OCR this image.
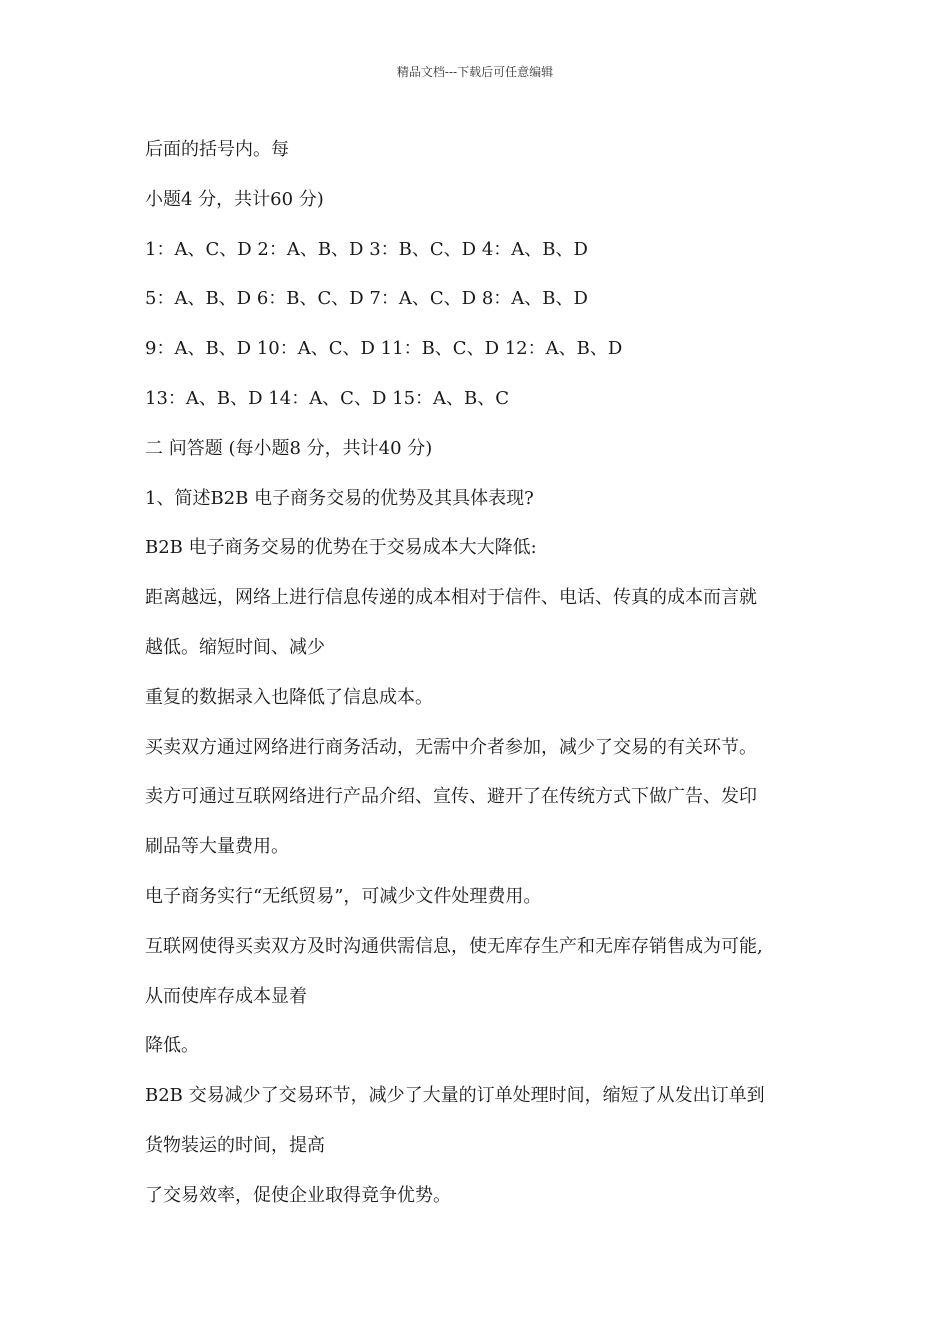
精品文档---下载后可任意编辑
后面的括号内。每
小题4 分，共计60 分)
1：A、C、D 2：A、B、D 3：B、C、D 4：A、B、D
5：A、B、D 6：B、C、D 7：A、C、D 8：A、B、D
9：A、B、D 10：A、C、D 11：B、C、D 12：A、B、D
13：A、B、D 14：A、C、D 15：A、B、C
二 问答题 (每小题8 分，共计40 分)
1、简述B2B 电子商务交易的优势及其具体表现?
B2B 电子商务交易的优势在于交易成本大大降低:
距离越远，网络上进行信息传递的成本相对于信件、电话、传真的成本而言就
越低。缩短时间、减少
重复的数据录入也降低了信息成本。
买卖双方通过网络进行商务活动，无需中介者参加，减少了交易的有关环节。
卖方可通过互联网络进行产品介绍、宣传、避开了在传统方式下做广告、发印
刷品等大量费用。
电子商务实行“无纸贸易”，可减少文件处理费用。
互联网使得买卖双方及时沟通供需信息，使无库存生产和无库存销售成为可能,
从而使库存成本显着
降低。
B2B 交易减少了交易环节，减少了大量的订单处理时间，缩短了从发出订单到
货物装运的时间，提高
了交易效率，促使企业取得竟争优势。
